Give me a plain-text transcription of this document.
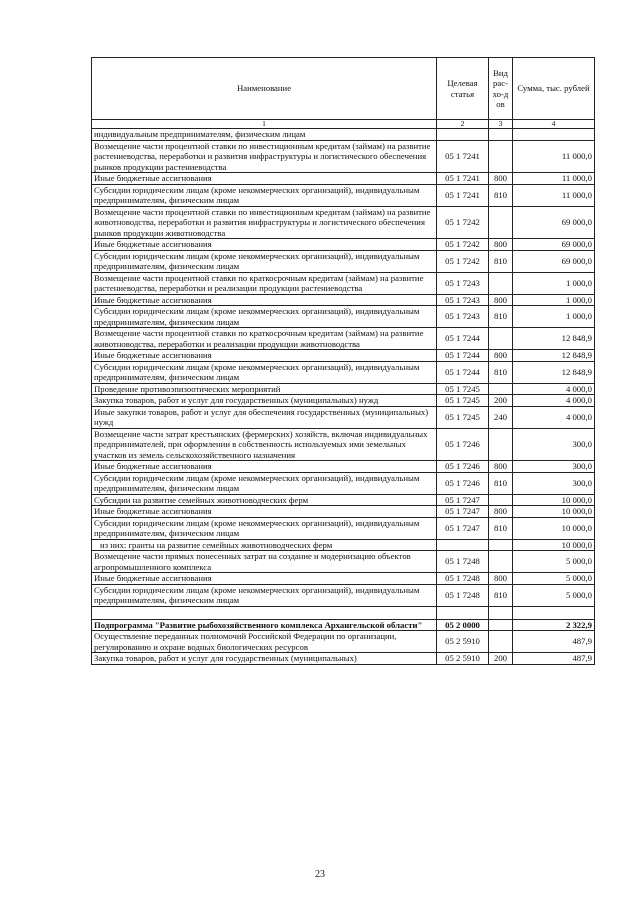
Наименование	Целевая статья	Вид рас-хо-дов	Сумма, тыс. рублей
1	2	3	4
индивидуальным предпринимателям, физическим лицам			
Возмещение части процентной ставки по инвестиционным кредитам (займам) на развитие растениеводства, переработки и развития инфраструктуры и логистического обеспечения рынков продукции растениеводства	05 1 7241		11 000,0
Иные бюджетные ассигнования	05 1 7241	800	11 000,0
Субсидии юридическим лицам (кроме некоммерческих организаций), индивидуальным предпринимателям, физическим лицам	05 1 7241	810	11 000,0
Возмещение части процентной ставки по инвестиционным кредитам (займам) на развитие животноводства, переработки и развития инфраструктуры и логистического обеспечения рынков продукции животноводства	05 1 7242		69 000,0
Иные бюджетные ассигнования	05 1 7242	800	69 000,0
Субсидии юридическим лицам (кроме некоммерческих организаций), индивидуальным предпринимателям, физическим лицам	05 1 7242	810	69 000,0
Возмещение части процентной ставки по краткосрочным кредитам (займам) на развитие растениеводства, переработки и реализации продукции растениеводства	05 1 7243		1 000,0
Иные бюджетные ассигнования	05 1 7243	800	1 000,0
Субсидии юридическим лицам (кроме некоммерческих организаций), индивидуальным предпринимателям, физическим лицам	05 1 7243	810	1 000,0
Возмещение части процентной ставки по краткосрочным кредитам (займам) на развитие животноводства, переработки и реализации продукции животноводства	05 1 7244		12 848,9
Иные бюджетные ассигнования	05 1 7244	800	12 848,9
Субсидии юридическим лицам (кроме некоммерческих организаций), индивидуальным предпринимателям, физическим лицам	05 1 7244	810	12 848,9
Проведение противоэпизоотических мероприятий	05 1 7245		4 000,0
Закупка товаров, работ и услуг для государственных (муниципальных) нужд	05 1 7245	200	4 000,0
Иные закупки товаров, работ и услуг для обеспечения государственных (муниципальных) нужд	05 1 7245	240	4 000,0
Возмещение части затрат крестьянских (фермерских) хозяйств, включая индивидуальных предпринимателей, при оформлении в собственность используемых ими земельных участков из земель сельскохозяйственного назначения	05 1 7246		300,0
Иные бюджетные ассигнования	05 1 7246	800	300,0
Субсидии юридическим лицам (кроме некоммерческих организаций), индивидуальным предпринимателям, физическим лицам	05 1 7246	810	300,0
Субсидии на развитие семейных животноводческих ферм	05 1 7247		10 000,0
Иные бюджетные ассигнования	05 1 7247	800	10 000,0
Субсидии юридическим лицам (кроме некоммерческих организаций), индивидуальным предпринимателям, физическим лицам	05 1 7247	810	10 000,0
из них: гранты на развитие семейных животноводческих ферм			10 000,0
Возмещение части прямых понесенных затрат на создание и модернизацию объектов агропромышленного комплекса	05 1 7248		5 000,0
Иные бюджетные ассигнования	05 1 7248	800	5 000,0
Субсидии юридическим лицам (кроме некоммерческих организаций), индивидуальным предпринимателям, физическим лицам	05 1 7248	810	5 000,0

Подпрограмма "Развитие рыбохозяйственного комплекса Архангельской области"	05 2 0000		2 322,9
Осуществление переданных полномочий Российской Федерации по организации, регулированию и охране водных биологических ресурсов	05 2 5910		487,9
Закупка товаров, работ и услуг для государственных (муниципальных)	05 2 5910	200	487,9
23
